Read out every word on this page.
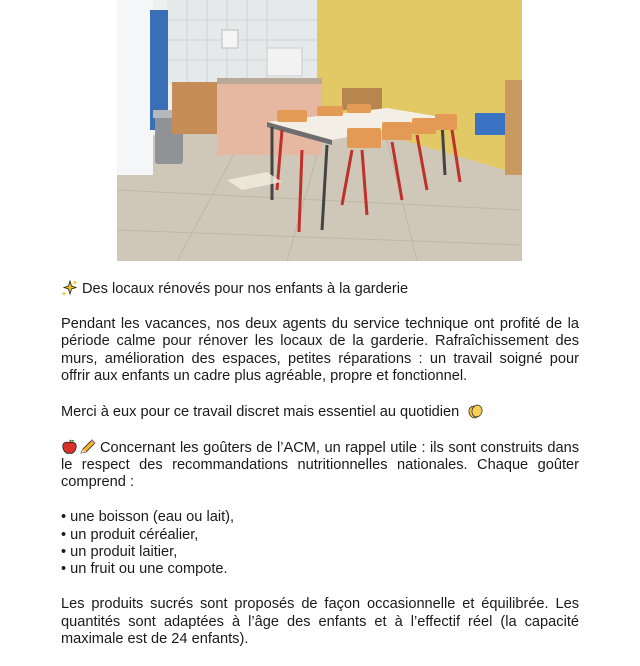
Des locaux rénovés pour nos enfants à la garderie

Pendant les vacances, nos deux agents du service technique ont profité de la période calme pour rénover les locaux de la garderie. Rafraîchissement des murs, amélioration des espaces, petites réparations : un travail soigné pour offrir aux enfants un cadre plus agréable, propre et fonctionnel.

Merci à eux pour ce travail discret mais essentiel au quotidien

Concernant les goûters de l’ACM, un rappel utile : ils sont construits dans le respect des recommandations nutritionnelles nationales. Chaque goûter comprend :

• une boisson (eau ou lait),
• un produit céréalier,
• un produit laitier,
• un fruit ou une compote.

Les produits sucrés sont proposés de façon occasionnelle et équilibrée. Les quantités sont adaptées à l’âge des enfants et à l’effectif réel (la capacité maximale est de 24 enfants).
